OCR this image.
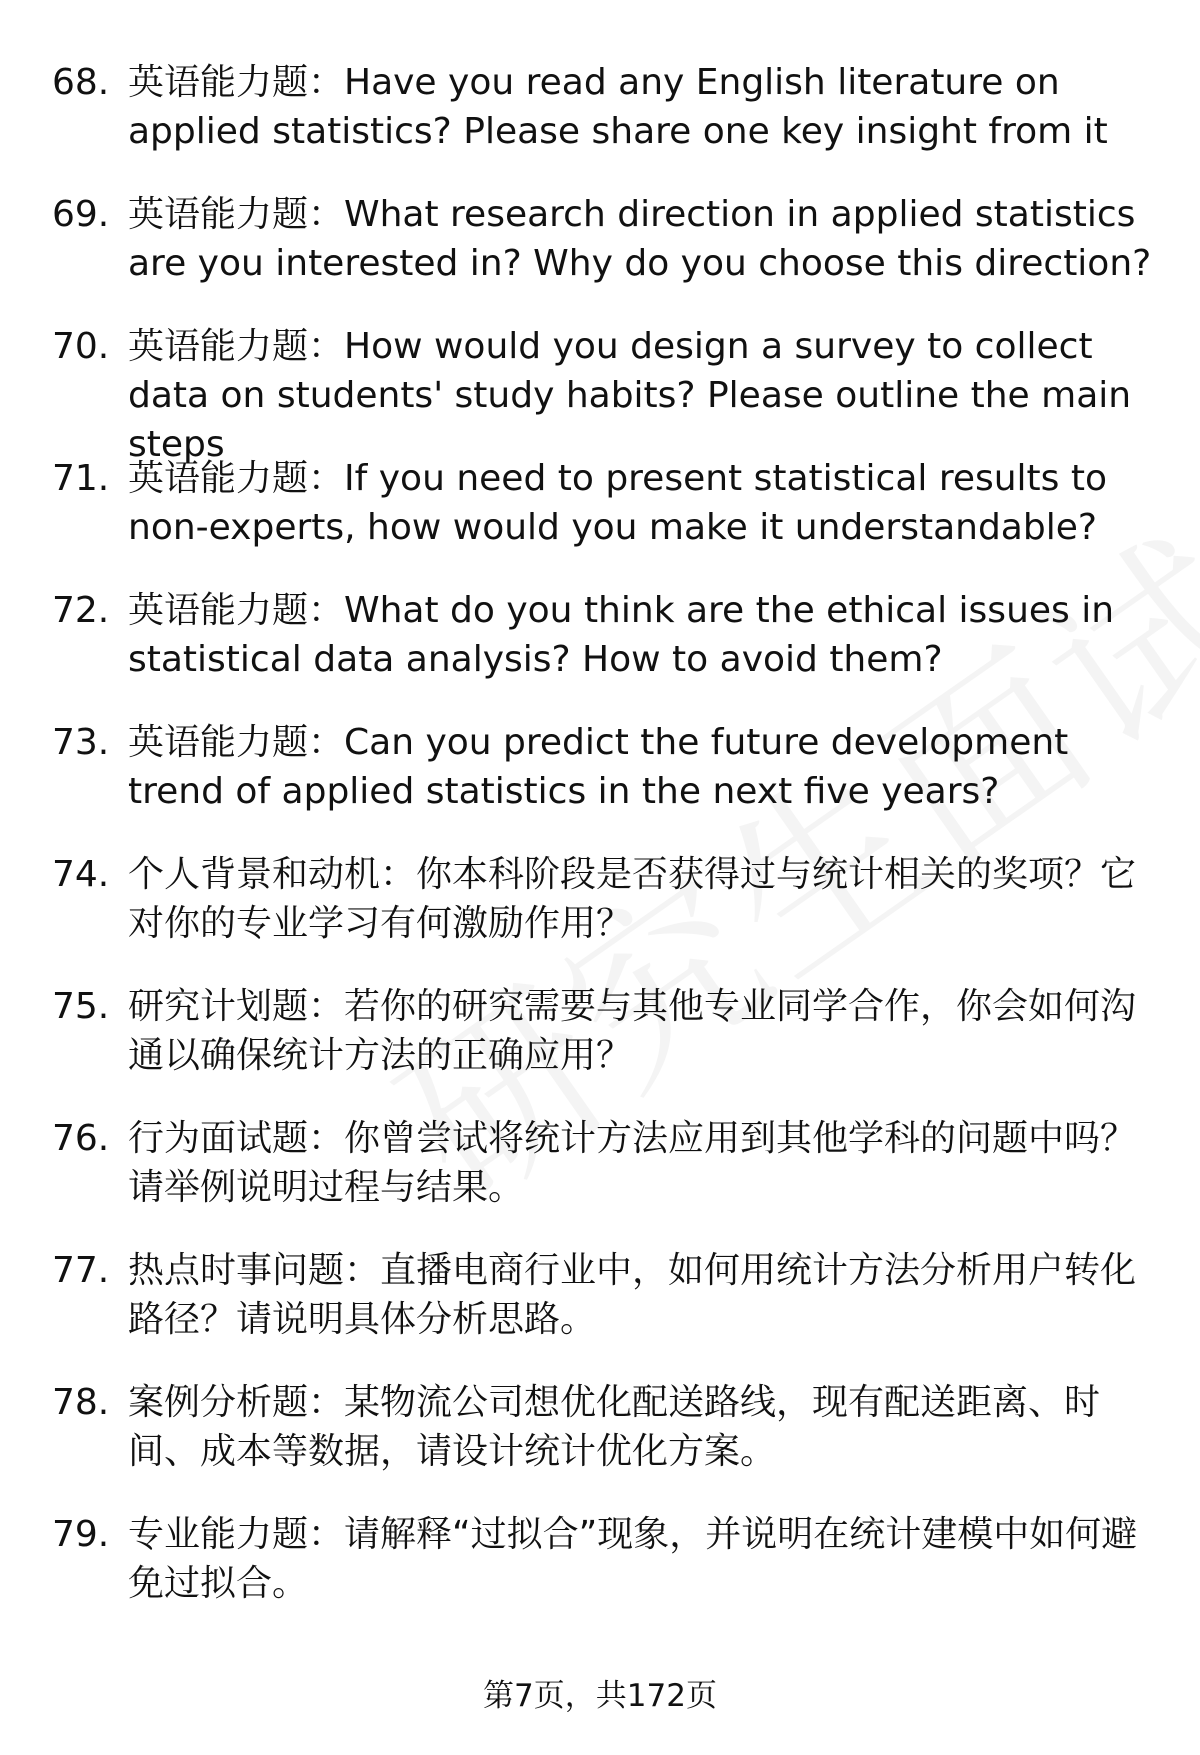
68. 英语能力题：Have you read any English literature on applied statistics? Please share one key insight from it
69. 英语能力题：What research direction in applied statistics are you interested in? Why do you choose this direction?
70. 英语能力题：How would you design a survey to collect data on students' study habits? Please outline the main steps
71. 英语能力题：If you need to present statistical results to non-experts, how would you make it understandable?
72. 英语能力题：What do you think are the ethical issues in statistical data analysis? How to avoid them?
73. 英语能力题：Can you predict the future development trend of applied statistics in the next five years?
74. 个人背景和动机：你本科阶段是否获得过与统计相关的奖项？它对你的专业学习有何激励作用？
75. 研究计划题：若你的研究需要与其他专业同学合作，你会如何沟通以确保统计方法的正确应用？
76. 行为面试题：你曾尝试将统计方法应用到其他学科的问题中吗？请举例说明过程与结果。
77. 热点时事问题：直播电商行业中，如何用统计方法分析用户转化路径？请说明具体分析思路。
78. 案例分析题：某物流公司想优化配送路线，现有配送距离、时间、成本等数据，请设计统计优化方案。
79. 专业能力题：请解释“过拟合”现象，并说明在统计建模中如何避免过拟合。
第7页，共172页
